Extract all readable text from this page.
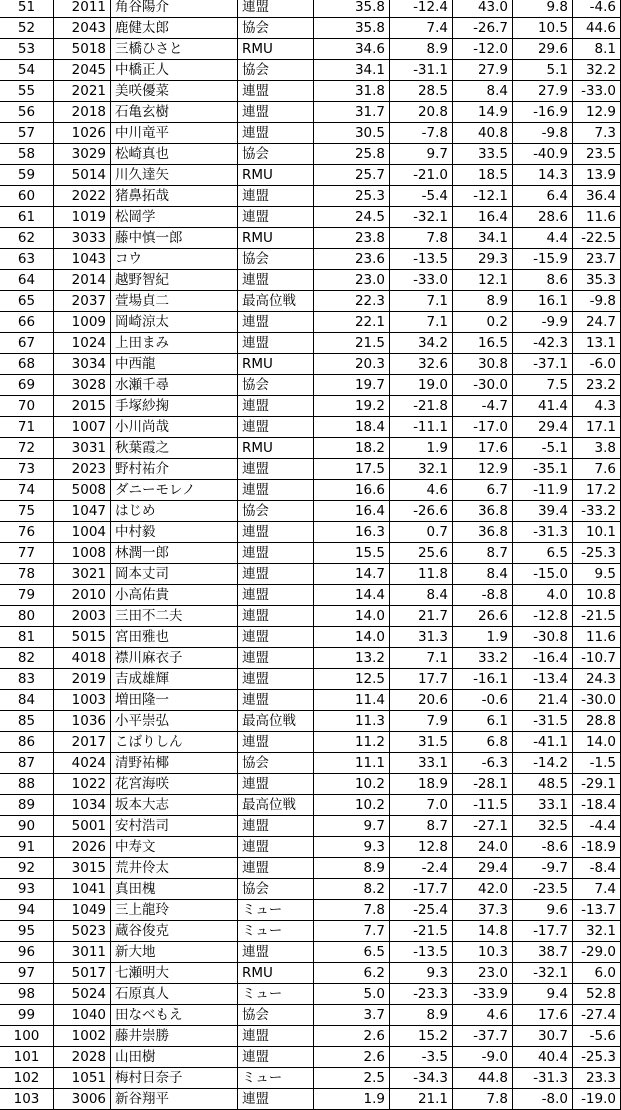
51	2011	角谷陽介	連盟	35.8	-12.4	43.0	9.8	-4.6
52	2043	鹿健太郎	協会	35.8	7.4	-26.7	10.5	44.6
53	5018	三橋ひさと	RMU	34.6	8.9	-12.0	29.6	8.1
54	2045	中橋正人	協会	34.1	-31.1	27.9	5.1	32.2
55	2021	美咲優菜	連盟	31.8	28.5	8.4	27.9	-33.0
56	2018	石亀玄樹	連盟	31.7	20.8	14.9	-16.9	12.9
57	1026	中川竜平	連盟	30.5	-7.8	40.8	-9.8	7.3
58	3029	松崎真也	協会	25.8	9.7	33.5	-40.9	23.5
59	5014	川久達矢	RMU	25.7	-21.0	18.5	14.3	13.9
60	2022	猪鼻拓哉	連盟	25.3	-5.4	-12.1	6.4	36.4
61	1019	松岡学	連盟	24.5	-32.1	16.4	28.6	11.6
62	3033	藤中慎一郎	RMU	23.8	7.8	34.1	4.4	-22.5
63	1043	コウ	協会	23.6	-13.5	29.3	-15.9	23.7
64	2014	越野智紀	連盟	23.0	-33.0	12.1	8.6	35.3
65	2037	萱場貞二	最高位戦	22.3	7.1	8.9	16.1	-9.8
66	1009	岡崎涼太	連盟	22.1	7.1	0.2	-9.9	24.7
67	1024	上田まみ	連盟	21.5	34.2	16.5	-42.3	13.1
68	3034	中西龍	RMU	20.3	32.6	30.8	-37.1	-6.0
69	3028	水瀬千尋	協会	19.7	19.0	-30.0	7.5	23.2
70	2015	手塚紗掬	連盟	19.2	-21.8	-4.7	41.4	4.3
71	1007	小川尚哉	連盟	18.4	-11.1	-17.0	29.4	17.1
72	3031	秋葉霞之	RMU	18.2	1.9	17.6	-5.1	3.8
73	2023	野村祐介	連盟	17.5	32.1	12.9	-35.1	7.6
74	5008	ダニーモレノ	連盟	16.6	4.6	6.7	-11.9	17.2
75	1047	はじめ	協会	16.4	-26.6	36.8	39.4	-33.2
76	1004	中村毅	連盟	16.3	0.7	36.8	-31.3	10.1
77	1008	林潤一郎	連盟	15.5	25.6	8.7	6.5	-25.3
78	3021	岡本丈司	連盟	14.7	11.8	8.4	-15.0	9.5
79	2010	小高佑貴	連盟	14.4	8.4	-8.8	4.0	10.8
80	2003	三田不二夫	連盟	14.0	21.7	26.6	-12.8	-21.5
81	5015	宮田雅也	連盟	14.0	31.3	1.9	-30.8	11.6
82	4018	襟川麻衣子	連盟	13.2	7.1	33.2	-16.4	-10.7
83	2019	吉成雄輝	連盟	12.5	17.7	-16.1	-13.4	24.3
84	1003	増田隆一	連盟	11.4	20.6	-0.6	21.4	-30.0
85	1036	小平崇弘	最高位戦	11.3	7.9	6.1	-31.5	28.8
86	2017	こばりしん	連盟	11.2	31.5	6.8	-41.1	14.0
87	4024	清野祐椰	協会	11.1	33.1	-6.3	-14.2	-1.5
88	1022	花宮海咲	連盟	10.2	18.9	-28.1	48.5	-29.1
89	1034	坂本大志	最高位戦	10.2	7.0	-11.5	33.1	-18.4
90	5001	安村浩司	連盟	9.7	8.7	-27.1	32.5	-4.4
91	2026	中寿文	連盟	9.3	12.8	24.0	-8.6	-18.9
92	3015	荒井伶太	連盟	8.9	-2.4	29.4	-9.7	-8.4
93	1041	真田槐	協会	8.2	-17.7	42.0	-23.5	7.4
94	1049	三上龍玲	ミュー	7.8	-25.4	37.3	9.6	-13.7
95	5023	蔵谷俊克	ミュー	7.7	-21.5	14.8	-17.7	32.1
96	3011	新大地	連盟	6.5	-13.5	10.3	38.7	-29.0
97	5017	七瀬明大	RMU	6.2	9.3	23.0	-32.1	6.0
98	5024	石原真人	ミュー	5.0	-23.3	-33.9	9.4	52.8
99	1040	田なべもえ	協会	3.7	8.9	4.6	17.6	-27.4
100	1002	藤井崇勝	連盟	2.6	15.2	-37.7	30.7	-5.6
101	2028	山田樹	連盟	2.6	-3.5	-9.0	40.4	-25.3
102	1051	梅村日奈子	ミュー	2.5	-34.3	44.8	-31.3	23.3
103	3006	新谷翔平	連盟	1.9	21.1	7.8	-8.0	-19.0
